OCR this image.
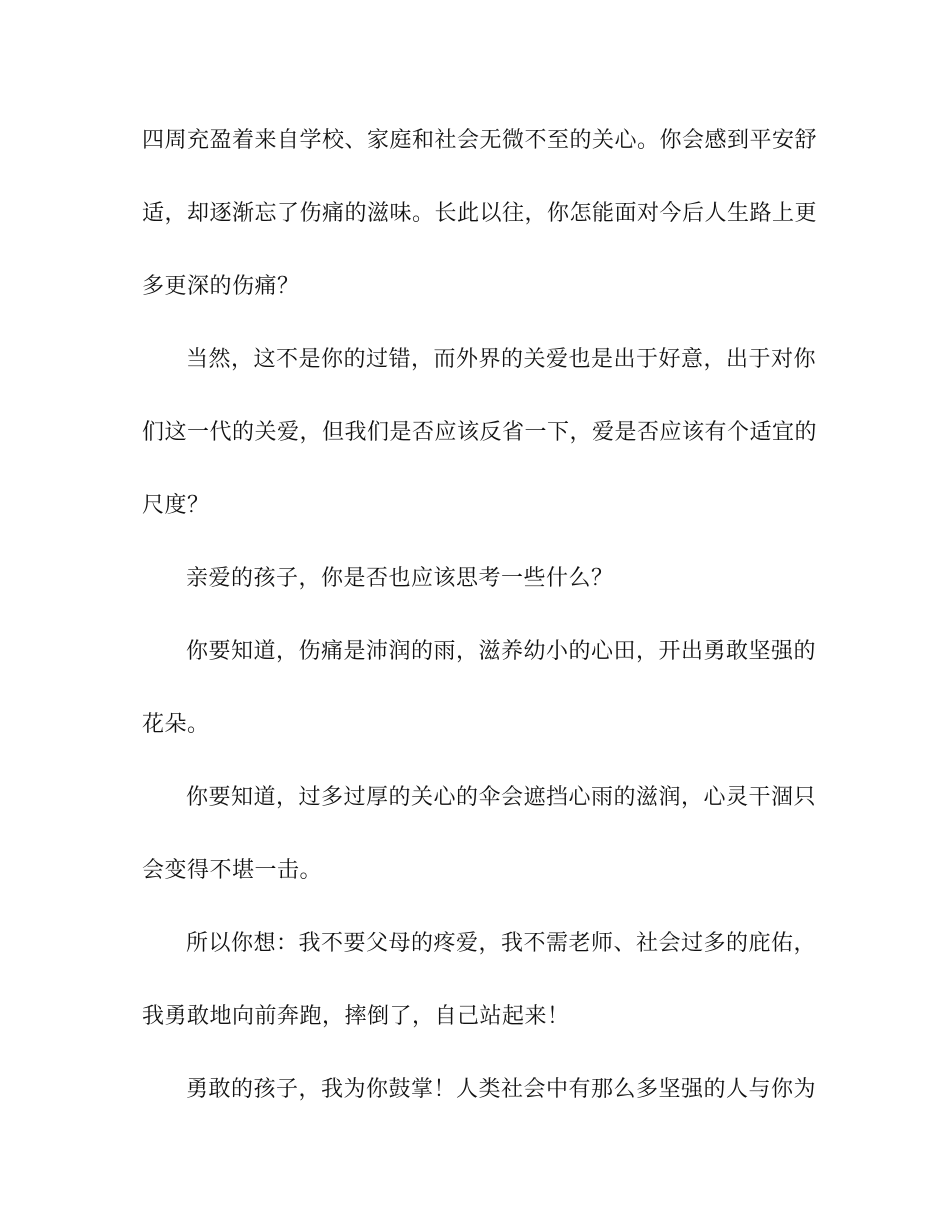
四周充盈着来自学校、家庭和社会无微不至的关心。你会感到平安舒
适，却逐渐忘了伤痛的滋味。长此以往，你怎能面对今后人生路上更
多更深的伤痛？
当然，这不是你的过错，而外界的关爱也是出于好意，出于对你
们这一代的关爱，但我们是否应该反省一下，爱是否应该有个适宜的
尺度？
亲爱的孩子，你是否也应该思考一些什么？
你要知道，伤痛是沛润的雨，滋养幼小的心田，开出勇敢坚强的
花朵。
你要知道，过多过厚的关心的伞会遮挡心雨的滋润，心灵干涸只
会变得不堪一击。
所以你想：我不要父母的疼爱，我不需老师、社会过多的庇佑，
我勇敢地向前奔跑，摔倒了，自己站起来！
勇敢的孩子，我为你鼓掌！人类社会中有那么多坚强的人与你为
